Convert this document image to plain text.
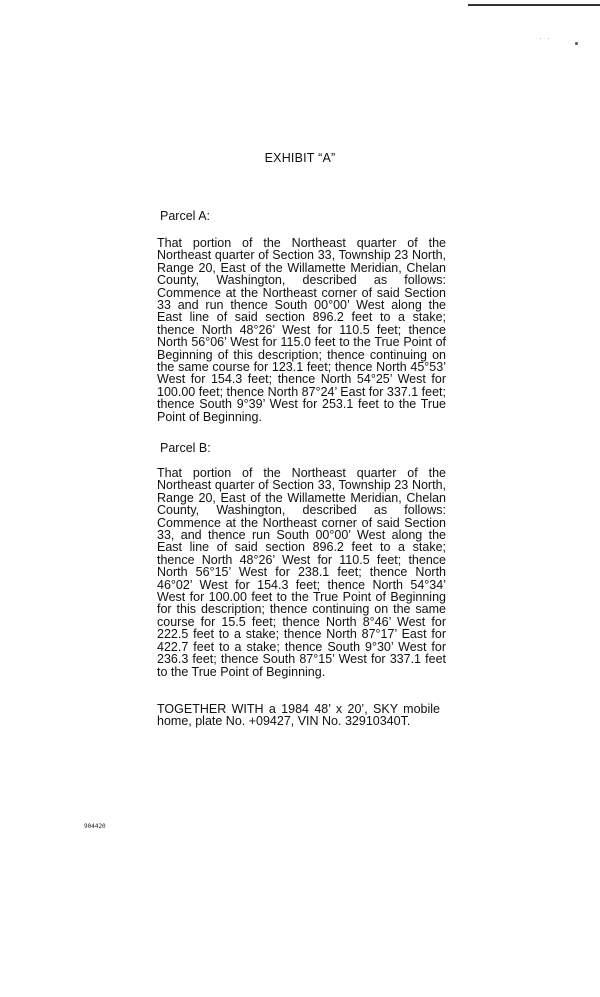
EXHIBIT “A”
Parcel A:
That portion of the Northeast quarter of the Northeast quarter of Section 33, Township 23 North, Range 20, East of the Willamette Meridian, Chelan County, Washington, described as follows: Commence at the Northeast corner of said Section 33 and run thence South 00°00’ West along the East line of said section 896.2 feet to a stake; thence North 48°26’ West for 110.5 feet; thence North 56°06’ West for 115.0 feet to the True Point of Beginning of this description; thence continuing on the same course for 123.1 feet; thence North 45°53’ West for 154.3 feet; thence North 54°25’ West for 100.00 feet; thence North 87°24’ East for 337.1 feet; thence South 9°39’ West for 253.1 feet to the True Point of Beginning.
Parcel B:
That portion of the Northeast quarter of the Northeast quarter of Section 33, Township 23 North, Range 20, East of the Willamette Meridian, Chelan County, Washington, described as follows: Commence at the Northeast corner of said Section 33, and thence run South 00°00’ West along the East line of said section 896.2 feet to a stake; thence North 48°26’ West for 110.5 feet; thence North 56°15’ West for 238.1 feet; thence North 46°02’ West for 154.3 feet; thence North 54°34’ West for 100.00 feet to the True Point of Beginning for this description; thence continuing on the same course for 15.5 feet; thence North 8°46’ West for 222.5 feet to a stake; thence North 87°17’ East for 422.7 feet to a stake; thence South 9°30’ West for 236.3 feet; thence South 87°15’ West for 337.1 feet to the True Point of Beginning.
TOGETHER WITH a 1984 48’ x 20’, SKY mobile home, plate No. +09427, VIN No. 32910340T.
904420
